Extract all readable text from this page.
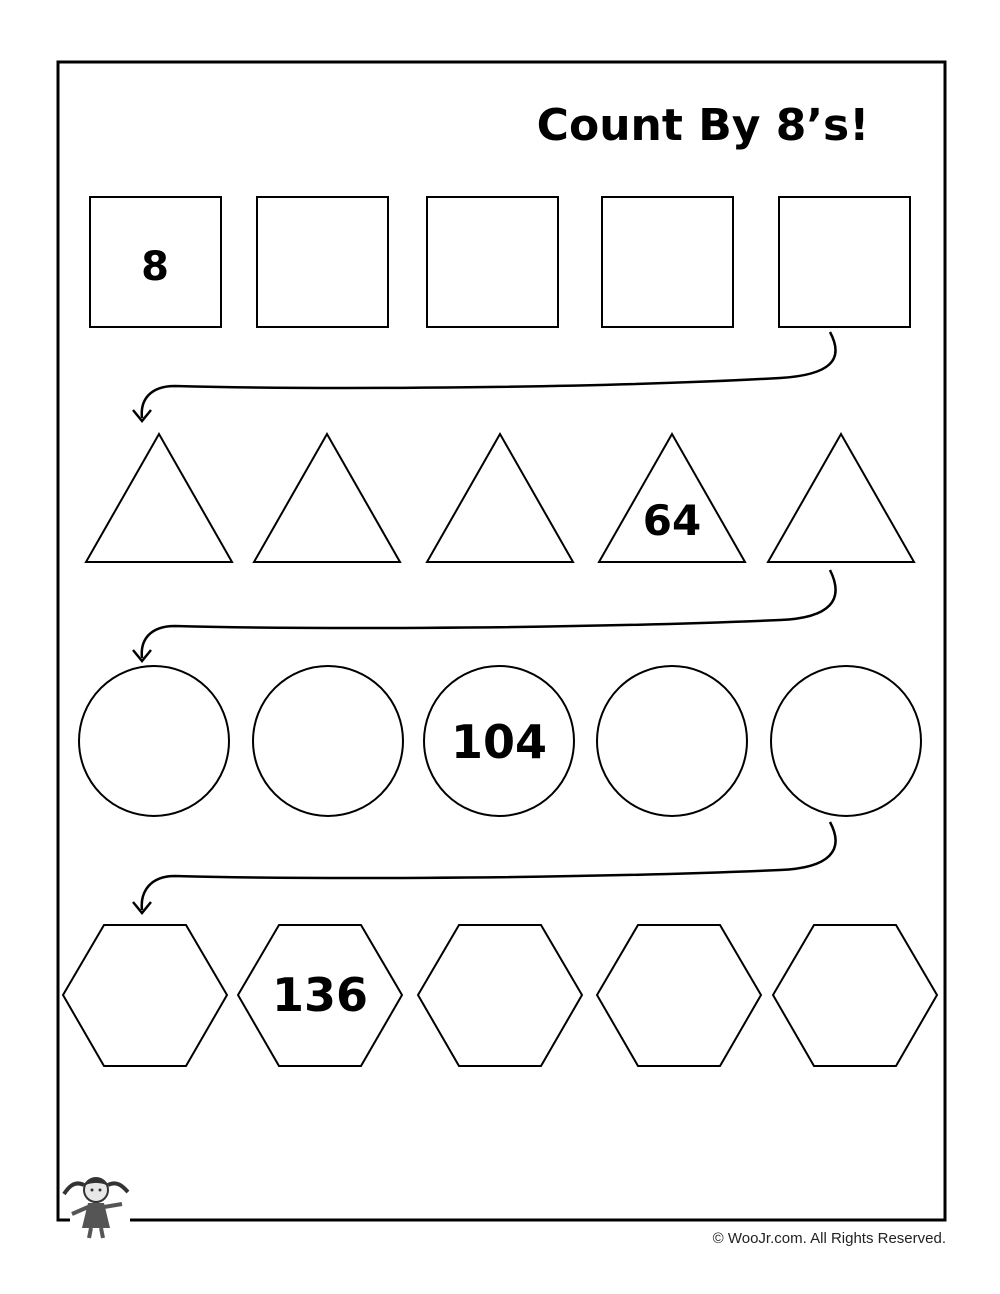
Count By 8’s!
8
64
104
136
© WooJr.com. All Rights Reserved.
